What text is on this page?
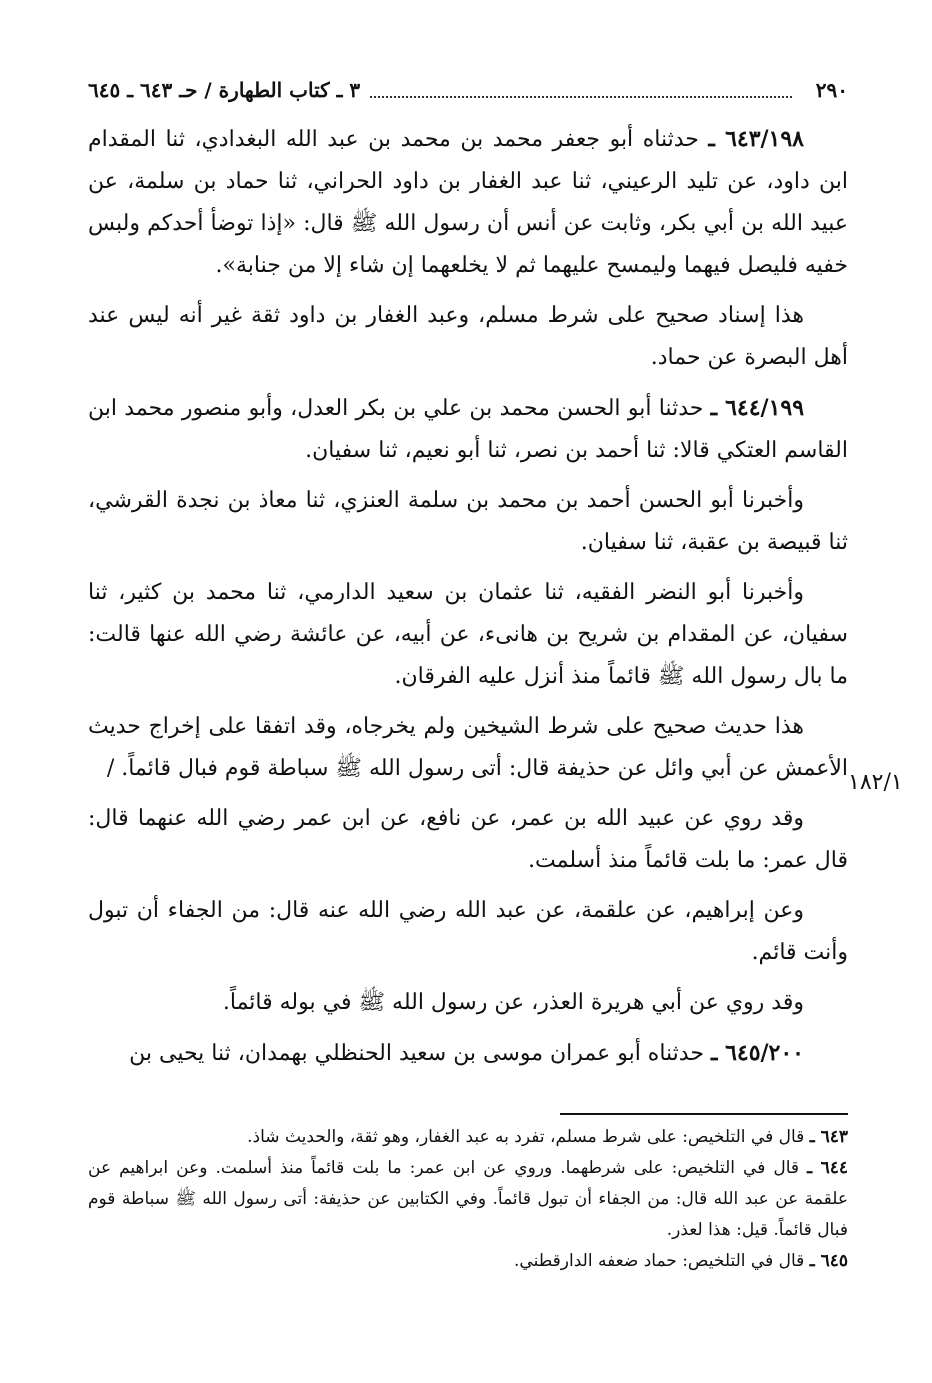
٢٩٠
٣ ـ كتاب الطهارة / حـ ٦٤٣ ـ ٦٤٥

٦٤٣/١٩٨ ـ حدثناه أبو جعفر محمد بن محمد بن عبد الله البغدادي، ثنا المقدام ابن داود، عن تليد الرعيني، ثنا عبد الغفار بن داود الحراني، ثنا حماد بن سلمة، عن عبيد الله بن أبي بكر، وثابت عن أنس أن رسول الله ﷺ قال: «إذا توضأ أحدكم ولبس خفيه فليصل فيهما وليمسح عليهما ثم لا يخلعهما إن شاء إلا من جنابة».

هذا إسناد صحيح على شرط مسلم، وعبد الغفار بن داود ثقة غير أنه ليس عند أهل البصرة عن حماد.

٦٤٤/١٩٩ ـ حدثنا أبو الحسن محمد بن علي بن بكر العدل، وأبو منصور محمد ابن القاسم العتكي قالا: ثنا أحمد بن نصر، ثنا أبو نعيم، ثنا سفيان.

وأخبرنا أبو الحسن أحمد بن محمد بن سلمة العنزي، ثنا معاذ بن نجدة القرشي، ثنا قبيصة بن عقبة، ثنا سفيان.

وأخبرنا أبو النضر الفقيه، ثنا عثمان بن سعيد الدارمي، ثنا محمد بن كثير، ثنا سفيان، عن المقدام بن شريح بن هانىء، عن أبيه، عن عائشة رضي الله عنها قالت: ما بال رسول الله ﷺ قائماً منذ أنزل عليه الفرقان.

هذا حديث صحيح على شرط الشيخين ولم يخرجاه، وقد اتفقا على إخراج حديث الأعمش عن أبي وائل عن حذيفة قال: أتى رسول الله ﷺ سباطة قوم فبال قائماً. /

وقد روي عن عبيد الله بن عمر، عن نافع، عن ابن عمر رضي الله عنهما قال: قال عمر: ما بلت قائماً منذ أسلمت.

وعن إبراهيم، عن علقمة، عن عبد الله رضي الله عنه قال: من الجفاء أن تبول وأنت قائم.

وقد روي عن أبي هريرة العذر، عن رسول الله ﷺ في بوله قائماً.

٦٤٥/٢٠٠ ـ حدثناه أبو عمران موسى بن سعيد الحنظلي بهمدان، ثنا يحيى بن

١٨٢/١

٦٤٣ ـ قال في التلخيص: على شرط مسلم، تفرد به عبد الغفار، وهو ثقة، والحديث شاذ.

٦٤٤ ـ قال في التلخيص: على شرطهما. وروي عن ابن عمر: ما بلت قائماً منذ أسلمت. وعن ابراهيم عن علقمة عن عبد الله قال: من الجفاء أن تبول قائماً. وفي الكتابين عن حذيفة: أتى رسول الله ﷺ سباطة قوم فبال قائماً. قيل: هذا لعذر.

٦٤٥ ـ قال في التلخيص: حماد ضعفه الدارقطني.
